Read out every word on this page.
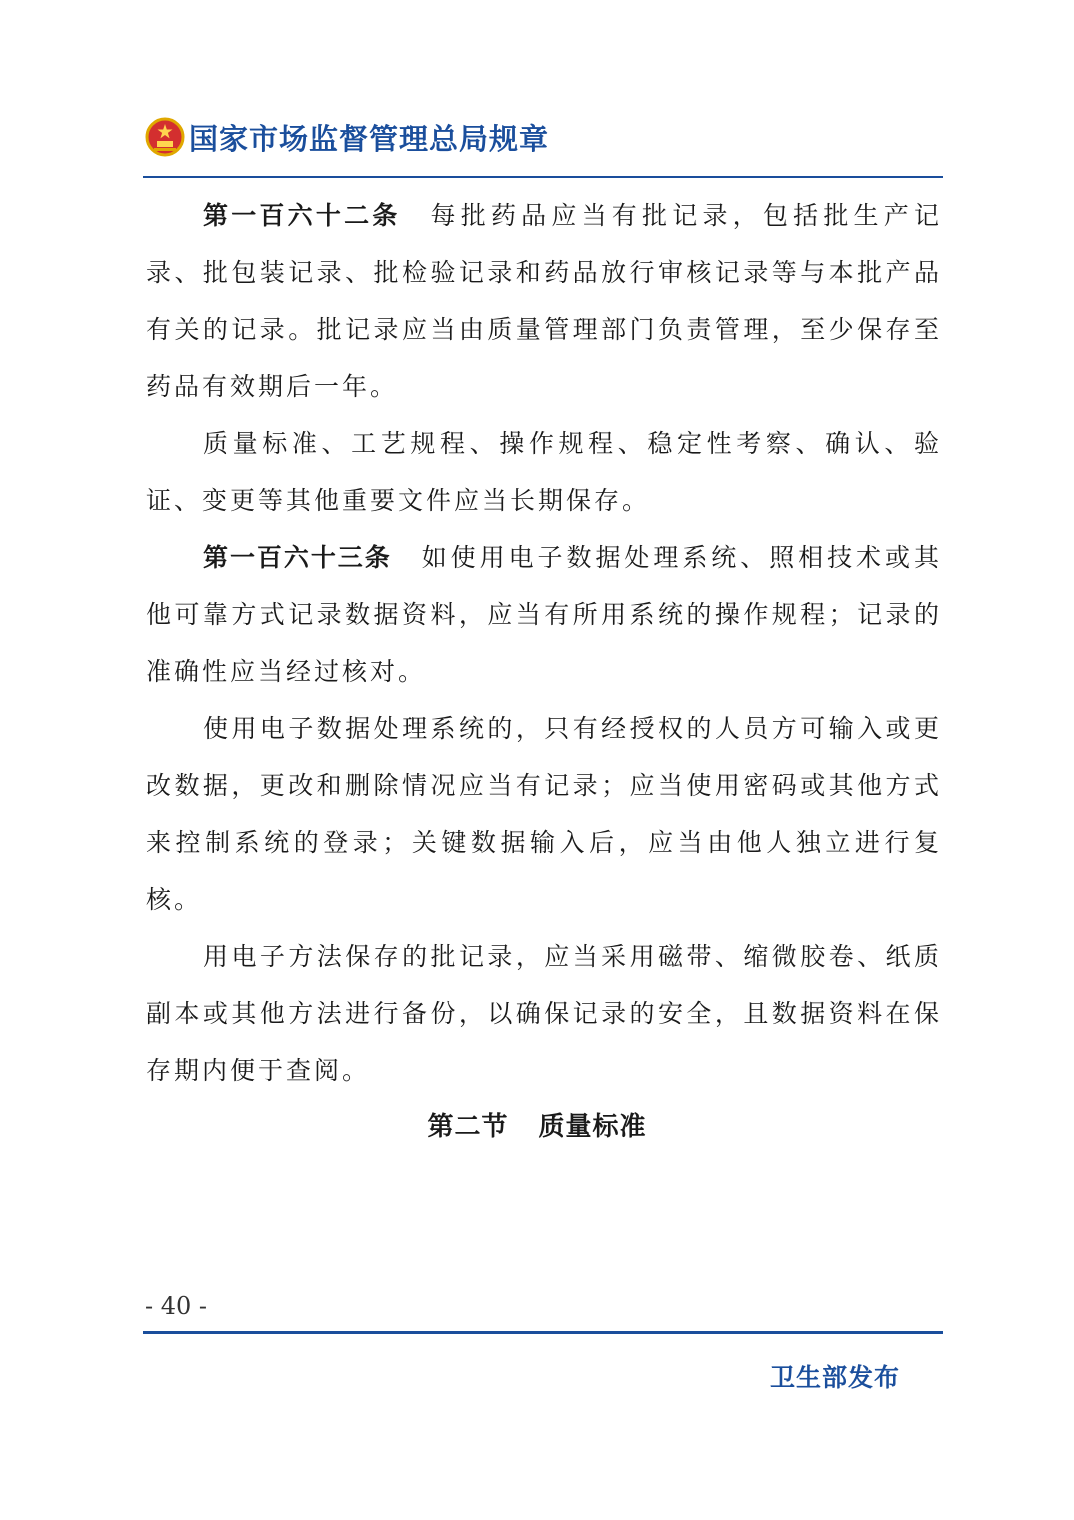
国家市场监督管理总局规章

第一百六十二条 每批药品应当有批记录，包括批生产记录、批包装记录、批检验记录和药品放行审核记录等与本批产品有关的记录。批记录应当由质量管理部门负责管理，至少保存至药品有效期后一年。

质量标准、工艺规程、操作规程、稳定性考察、确认、验证、变更等其他重要文件应当长期保存。

第一百六十三条 如使用电子数据处理系统、照相技术或其他可靠方式记录数据资料，应当有所用系统的操作规程；记录的准确性应当经过核对。

使用电子数据处理系统的，只有经授权的人员方可输入或更改数据，更改和删除情况应当有记录；应当使用密码或其他方式来控制系统的登录；关键数据输入后，应当由他人独立进行复核。

用电子方法保存的批记录，应当采用磁带、缩微胶卷、纸质副本或其他方法进行备份，以确保记录的安全，且数据资料在保存期内便于查阅。

第二节 质量标准
- 40 -
卫生部发布
